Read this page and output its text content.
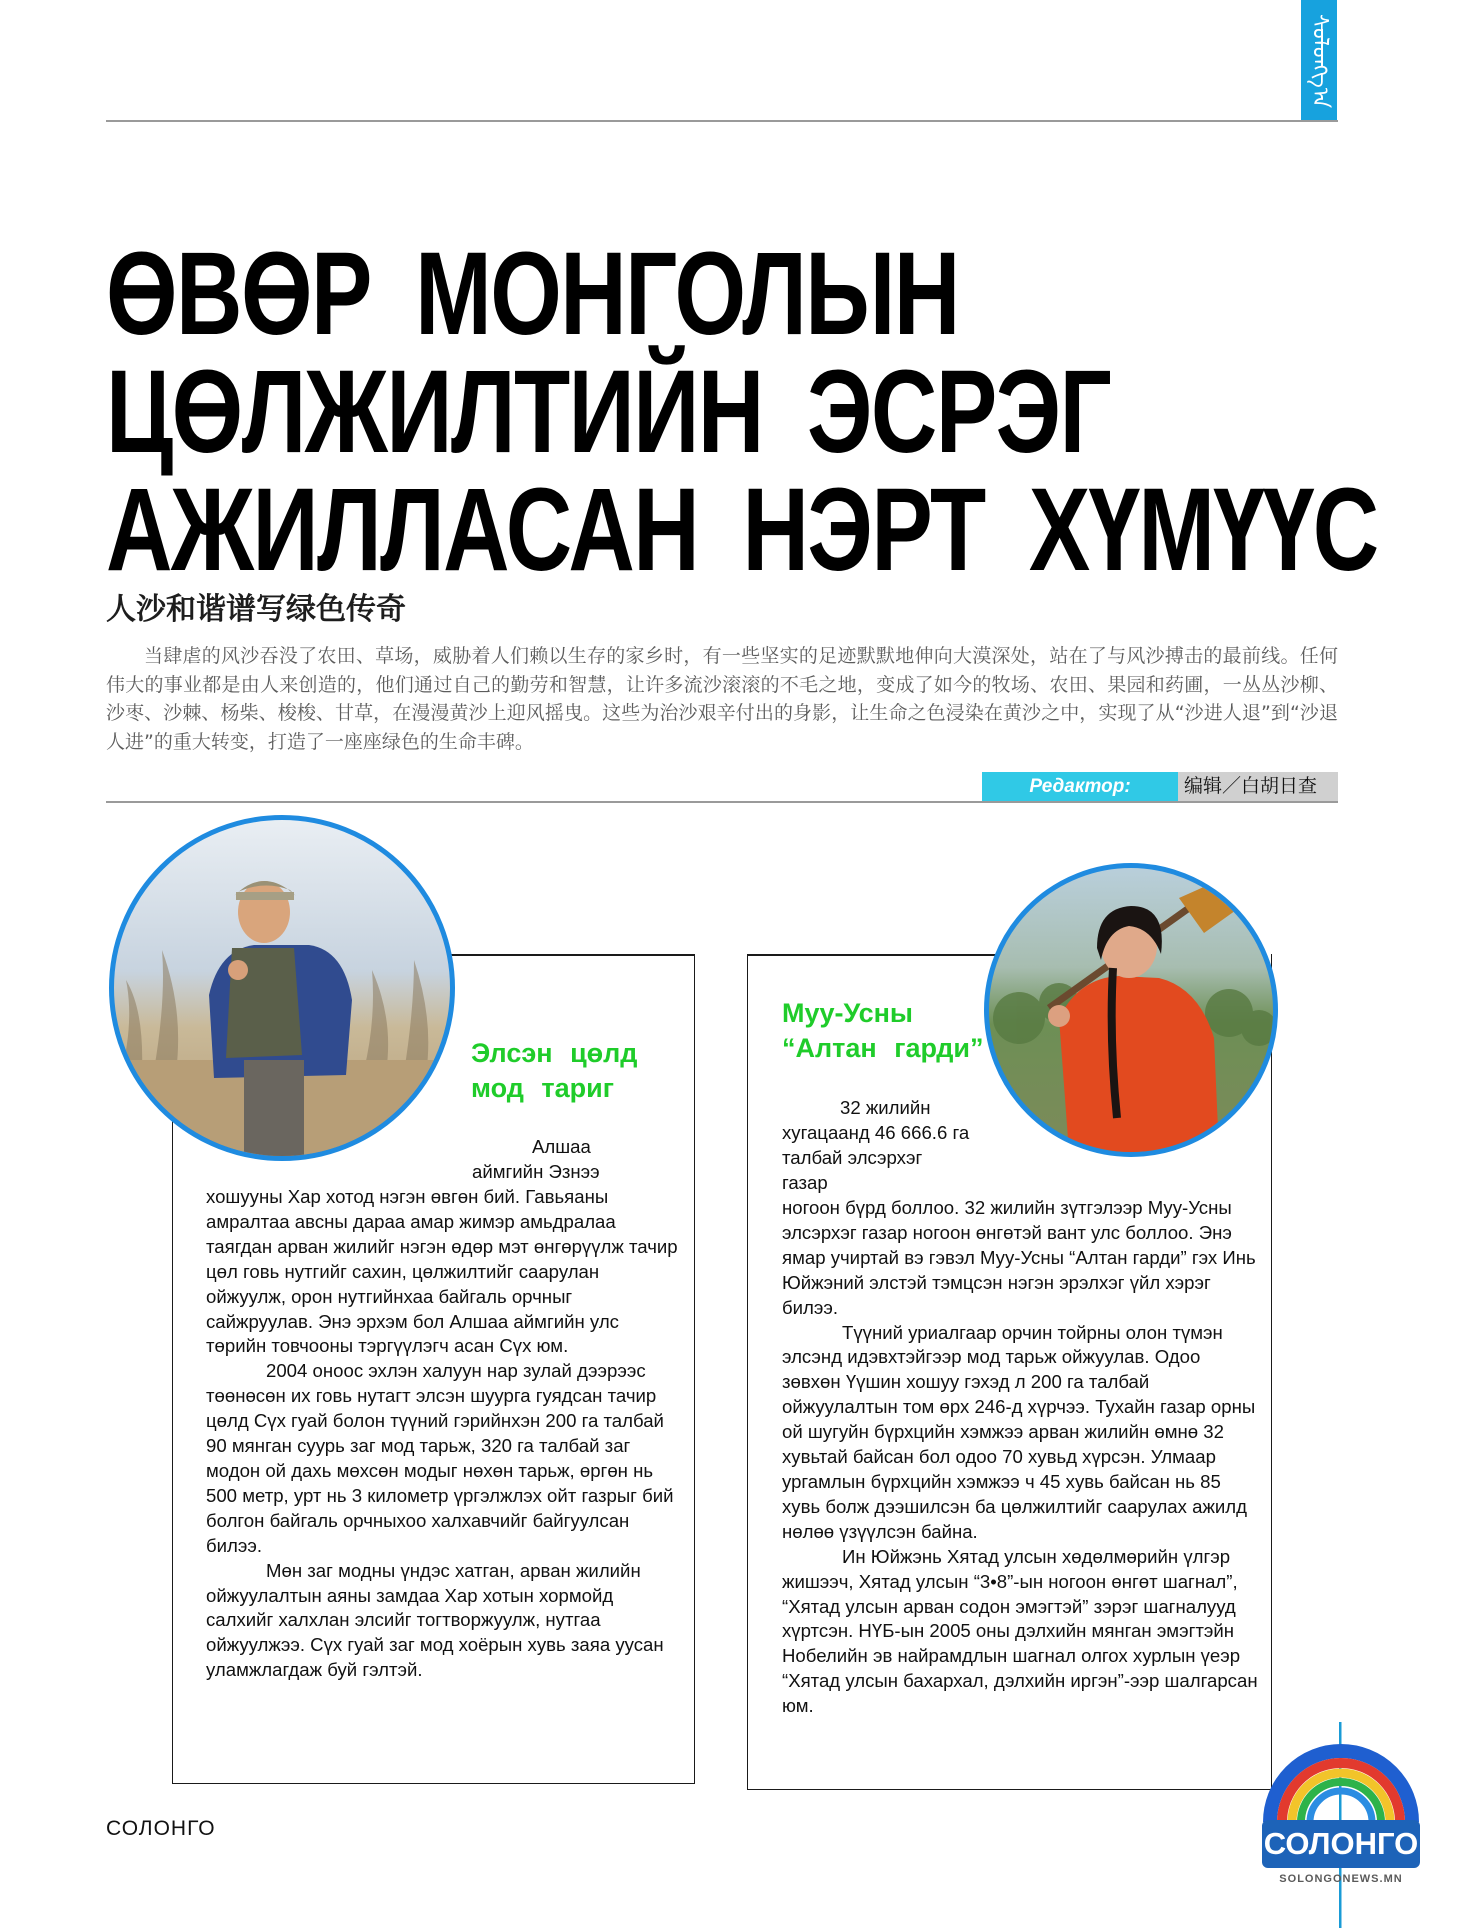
ᠰᠣᠯᠣᠩᠭ᠎ᠠ
ӨВӨР МОНГОЛЫН
ЦӨЛЖИЛТИЙН ЭСРЭГ
АЖИЛЛАСАН НЭРТ ХҮМҮҮС
人沙和谐谱写绿色传奇
当肆虐的风沙吞没了农田、草场，威胁着人们赖以生存的家乡时，有一些坚实的足迹默默地伸向大漠深处，站在了与风沙搏击的最前线。任何伟大的事业都是由人来创造的，他们通过自己的勤劳和智慧，让许多流沙滚滚的不毛之地，变成了如今的牧场、农田、果园和药圃，一丛丛沙柳、沙枣、沙棘、杨柴、梭梭、甘草，在漫漫黄沙上迎风摇曳。这些为治沙艰辛付出的身影，让生命之色浸染在黄沙之中，实现了从“沙进人退”到“沙退人进”的重大转变，打造了一座座绿色的生命丰碑。
Редактор: Б.ХУРЦАА
编辑／白胡日查
Элсэн цөлд
мод тариг
Алшаа аймгийн Эзнээ

хошууны Хар хотод нэгэн өвгөн бий. Гавьяаны амралтаа авсны дараа амар жимэр амьдралаа таягдан арван жилийг нэгэн өдөр мэт өнгөрүүлж тачир цөл говь нутгийг сахин, цөлжилтийг саарулан ойжуулж, орон нутгийнхаа байгаль орчныг сайжруулав. Энэ эрхэм бол Алшаа аймгийн улс төрийн товчооны тэргүүлэгч асан Сүх юм.

2004 оноос эхлэн халуун нар зулай дээрээс төөнөсөн их говь нутагт элсэн шуурга гуядсан тачир цөлд Сүх гуай болон түүний гэрийнхэн 200 га талбай 90 мянган суурь заг мод тарьж, 320 га талбай заг модон ой дахь мөхсөн модыг нөхөн тарьж, өргөн нь 500 метр, урт нь 3 километр үргэлжлэх ойт газрыг бий болгон байгаль орчныхоо халхавчийг байгуулсан билээ.

Мөн заг модны үндэс хатган, арван жилийн ойжуулалтын аяны замдаа Хар хотын хормойд салхийг халхлан элсийг тогтворжуулж, нутгаа ойжуулжээ. Сүх гуай заг мод хоёрын хувь заяа уусан уламжлагдаж буй гэлтэй.

Муу-Усны
“Алтан гарди”
32 жилийн хугацаанд 46 666.6 га талбай элсэрхэг газар

ногоон бүрд боллоо. 32 жилийн зүтгэлээр Муу-Усны элсэрхэг газар ногоон өнгөтэй вант улс боллоо. Энэ ямар учиртай вэ гэвэл Муу-Усны “Алтан гарди” гэх Инь Юйжэний элстэй тэмцсэн нэгэн эрэлхэг үйл хэрэг билээ.

Түүний уриалгаар орчин тойрны олон түмэн элсэнд идэвхтэйгээр мод тарьж ойжуулав. Одоо зөвхөн Үүшин хошуу гэхэд л 200 га талбай ойжуулалтын том өрх 246-д хүрчээ. Тухайн газар орны ой шугуйн бүрхцийн хэмжээ арван жилийн өмнө 32 хувьтай байсан бол одоо 70 хувьд хүрсэн. Улмаар ургамлын бүрхцийн хэмжээ ч 45 хувь байсан нь 85 хувь болж дээшилсэн ба цөлжилтийг саарулах ажилд нөлөө үзүүлсэн байна.

Ин Юйжэнь Хятад улсын хөдөлмөрийн үлгэр жишээч, Хятад улсын “3•8”-ын ногоон өнгөт шагнал”, “Хятад улсын арван содон эмэгтэй” зэрэг шагналууд хүртсэн. НҮБ-ын 2005 оны дэлхийн мянган эмэгтэйн Нобелийн эв найрамдлын шагнал олгох хурлын үеэр “Хятад улсын бахархал, дэлхийн иргэн”-ээр шалгарсан юм.

СОЛОНГО	СОЛОНГО
SOLONGONEWS.MN
